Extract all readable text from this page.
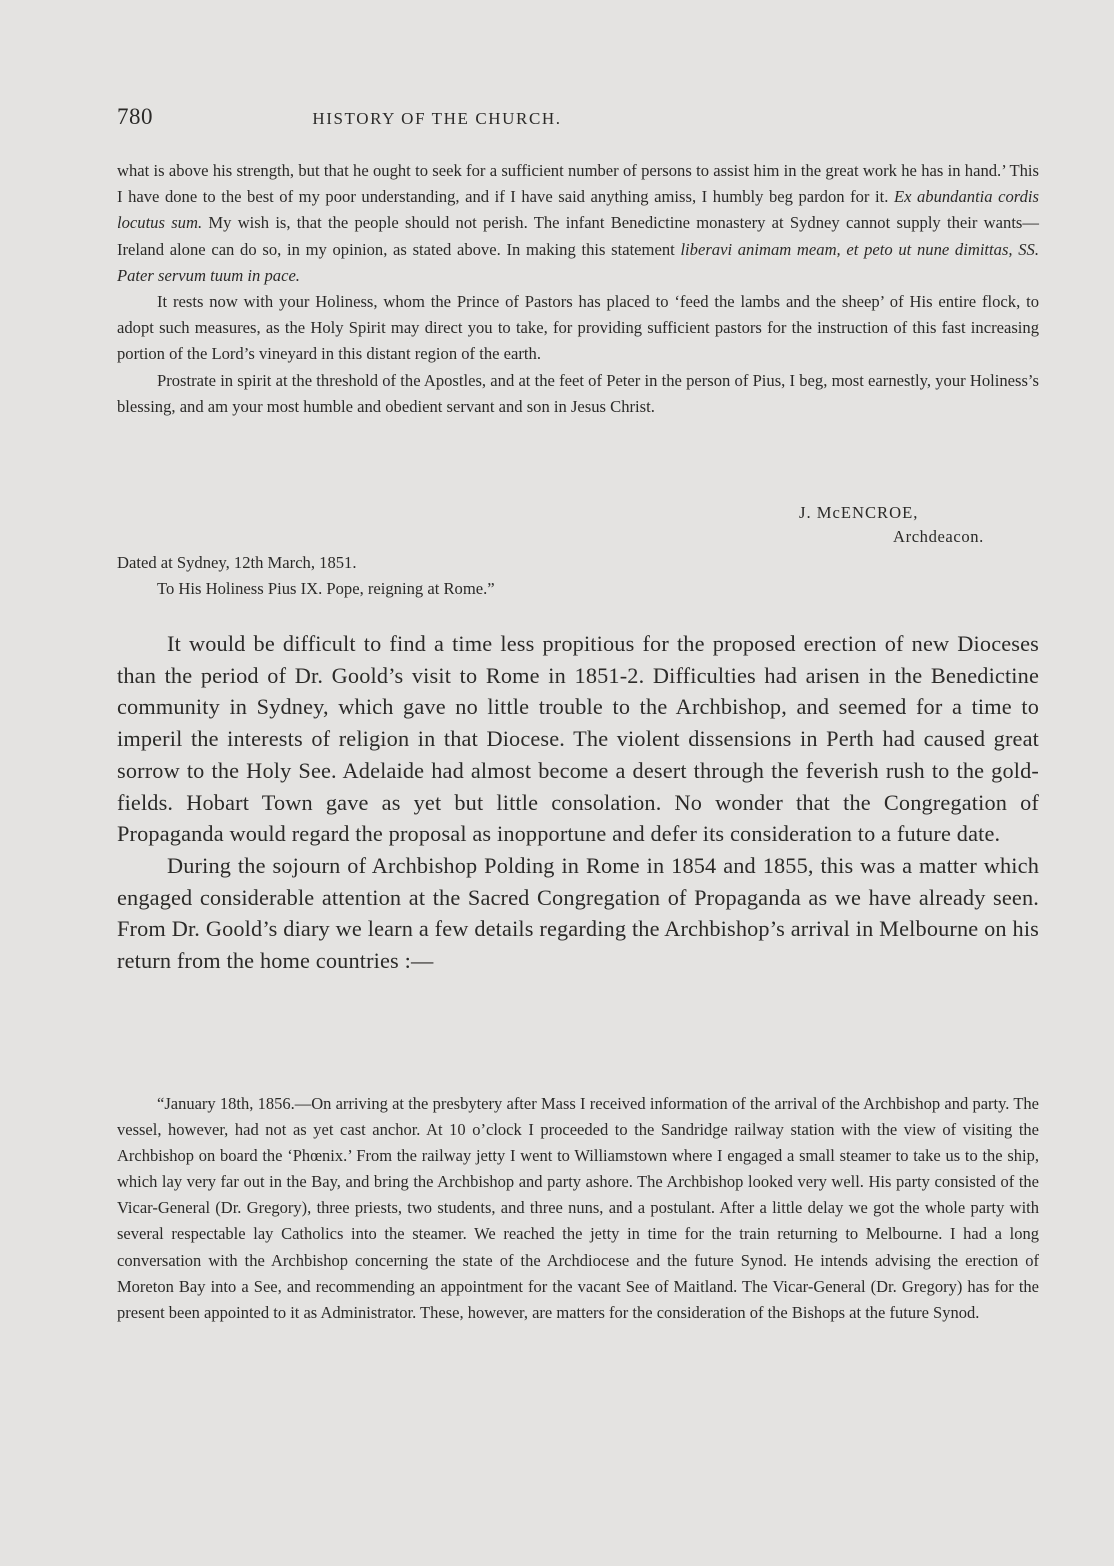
780	HISTORY OF THE CHURCH.

what is above his strength, but that he ought to seek for a sufficient number of persons to assist him in the great work he has in hand.’ This I have done to the best of my poor understanding, and if I have said anything amiss, I humbly beg pardon for it. Ex abundantia cordis locutus sum. My wish is, that the people should not perish. The infant Benedictine monastery at Sydney cannot supply their wants—Ireland alone can do so, in my opinion, as stated above. In making this statement liberavi animam meam, et peto ut nune dimittas, SS. Pater servum tuum in pace.

It rests now with your Holiness, whom the Prince of Pastors has placed to ‘feed the lambs and the sheep’ of His entire flock, to adopt such measures, as the Holy Spirit may direct you to take, for providing sufficient pastors for the instruction of this fast increasing portion of the Lord’s vineyard in this distant region of the earth.

Prostrate in spirit at the threshold of the Apostles, and at the feet of Peter in the person of Pius, I beg, most earnestly, your Holiness’s blessing, and am your most humble and obedient servant and son in Jesus Christ.

J. McENCROE,
Archdeacon.

Dated at Sydney, 12th March, 1851.

To His Holiness Pius IX. Pope, reigning at Rome.”

It would be difficult to find a time less propitious for the proposed erection of new Dioceses than the period of Dr. Goold’s visit to Rome in 1851-2. Difficulties had arisen in the Benedictine community in Sydney, which gave no little trouble to the Archbishop, and seemed for a time to imperil the interests of religion in that Diocese. The violent dissensions in Perth had caused great sorrow to the Holy See. Adelaide had almost become a desert through the feverish rush to the gold-fields. Hobart Town gave as yet but little consolation. No wonder that the Congregation of Propaganda would regard the proposal as inopportune and defer its consideration to a future date.

During the sojourn of Archbishop Polding in Rome in 1854 and 1855, this was a matter which engaged considerable attention at the Sacred Congregation of Propaganda as we have already seen. From Dr. Goold’s diary we learn a few details regarding the Archbishop’s arrival in Melbourne on his return from the home countries :—

“January 18th, 1856.—On arriving at the presbytery after Mass I received information of the arrival of the Archbishop and party. The vessel, however, had not as yet cast anchor. At 10 o’clock I proceeded to the Sandridge railway station with the view of visiting the Archbishop on board the ‘Phœnix.’ From the railway jetty I went to Williamstown where I engaged a small steamer to take us to the ship, which lay very far out in the Bay, and bring the Archbishop and party ashore. The Archbishop looked very well. His party consisted of the Vicar-General (Dr. Gregory), three priests, two students, and three nuns, and a postulant. After a little delay we got the whole party with several respectable lay Catholics into the steamer. We reached the jetty in time for the train returning to Melbourne. I had a long conversation with the Archbishop concerning the state of the Archdiocese and the future Synod. He intends advising the erection of Moreton Bay into a See, and recommending an appointment for the vacant See of Maitland. The Vicar-General (Dr. Gregory) has for the present been appointed to it as Administrator. These, however, are matters for the consideration of the Bishops at the future Synod.
